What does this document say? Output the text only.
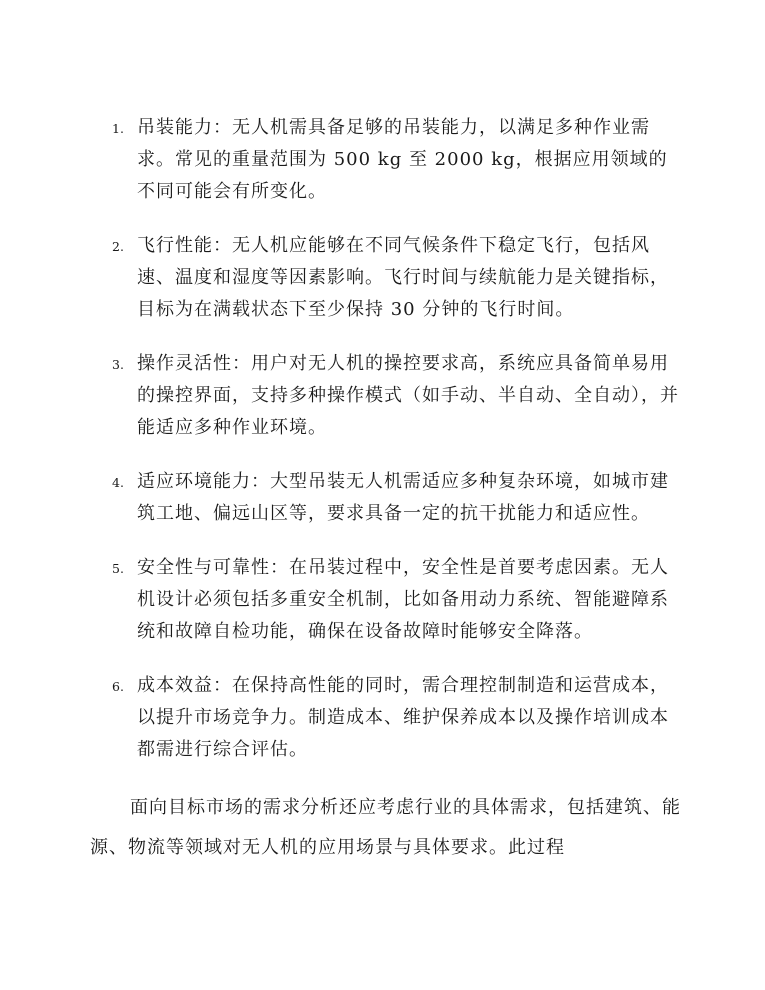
1. 吊装能力：无人机需具备足够的吊装能力，以满足多种作业需求。常见的重量范围为 500 kg 至 2000 kg，根据应用领域的不同可能会有所变化。
2. 飞行性能：无人机应能够在不同气候条件下稳定飞行，包括风速、温度和湿度等因素影响。飞行时间与续航能力是关键指标，目标为在满载状态下至少保持 30 分钟的飞行时间。
3. 操作灵活性：用户对无人机的操控要求高，系统应具备简单易用的操控界面，支持多种操作模式（如手动、半自动、全自动），并能适应多种作业环境。
4. 适应环境能力：大型吊装无人机需适应多种复杂环境，如城市建筑工地、偏远山区等，要求具备一定的抗干扰能力和适应性。
5. 安全性与可靠性：在吊装过程中，安全性是首要考虑因素。无人机设计必须包括多重安全机制，比如备用动力系统、智能避障系统和故障自检功能，确保在设备故障时能够安全降落。
6. 成本效益：在保持高性能的同时，需合理控制制造和运营成本，以提升市场竞争力。制造成本、维护保养成本以及操作培训成本都需进行综合评估。

面向目标市场的需求分析还应考虑行业的具体需求，包括建筑、能源、物流等领域对无人机的应用场景与具体要求。此过程
